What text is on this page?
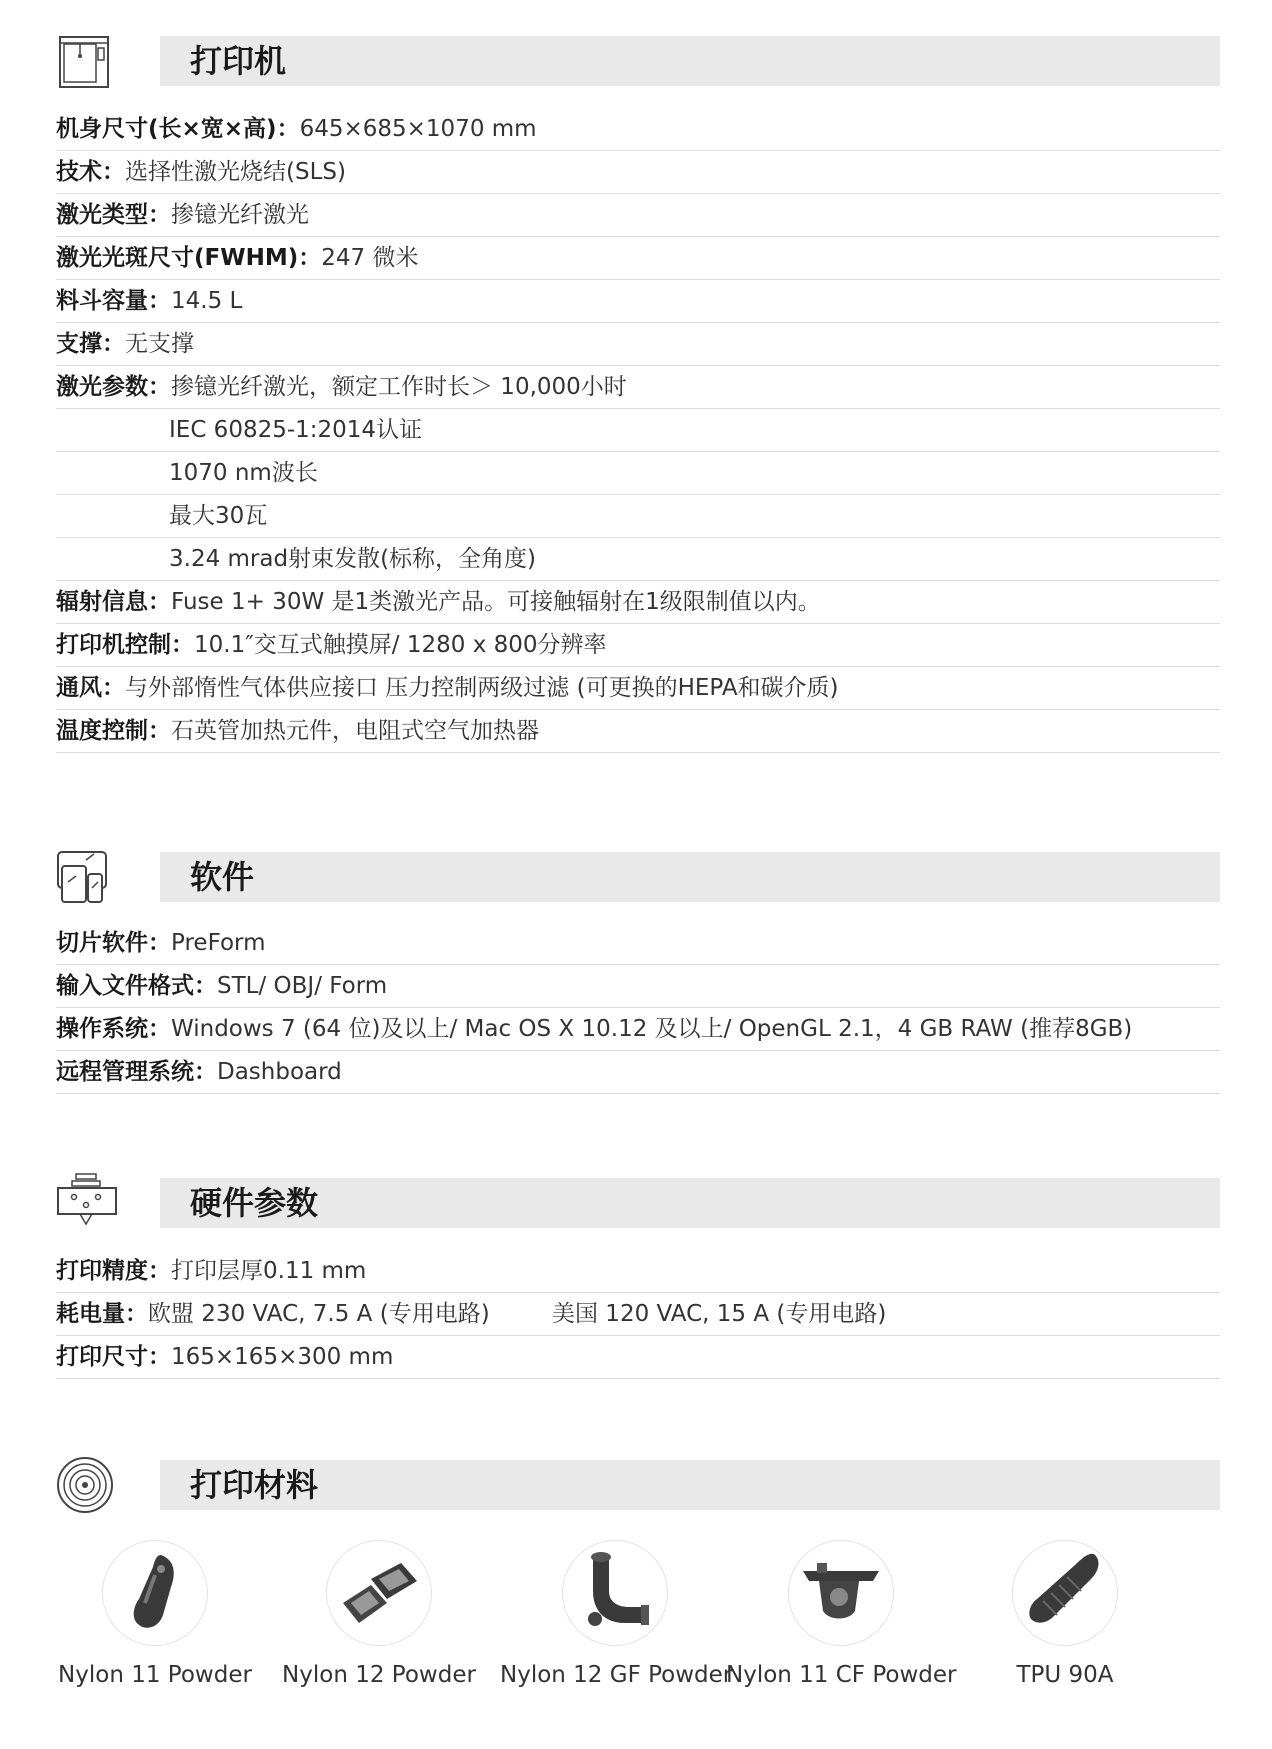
打印机
机身尺寸(长×宽×高)：645×685×1070 mm
技术：选择性激光烧结(SLS)
激光类型：掺镱光纤激光
激光光斑尺寸(FWHM)：247 微米
料斗容量：14.5 L
支撑：无支撑
激光参数：掺镱光纤激光，额定工作时长＞ 10,000小时
IEC 60825-1:2014认证
1070 nm波长
最大30瓦
3.24 mrad射束发散(标称，全角度)
辐射信息：Fuse 1+ 30W 是1类激光产品。可接触辐射在1级限制值以内。
打印机控制：10.1″交互式触摸屏/ 1280 x 800分辨率
通风：与外部惰性气体供应接口 压力控制两级过滤 (可更换的HEPA和碳介质)
温度控制：石英管加热元件，电阻式空气加热器
软件
切片软件：PreForm
输入文件格式：STL/ OBJ/ Form
操作系统：Windows 7 (64 位)及以上/ Mac OS X 10.12 及以上/ OpenGL 2.1，4 GB RAW (推荐8GB)
远程管理系统：Dashboard
硬件参数
打印精度：打印层厚0.11 mm
耗电量：欧盟 230 VAC, 7.5 A (专用电路)	美国 120 VAC, 15 A (专用电路)
打印尺寸：165×165×300 mm
打印材料
Nylon 11 Powder	Nylon 12 Powder	Nylon 12 GF Powder
Nylon 11 CF Powder	TPU 90A
